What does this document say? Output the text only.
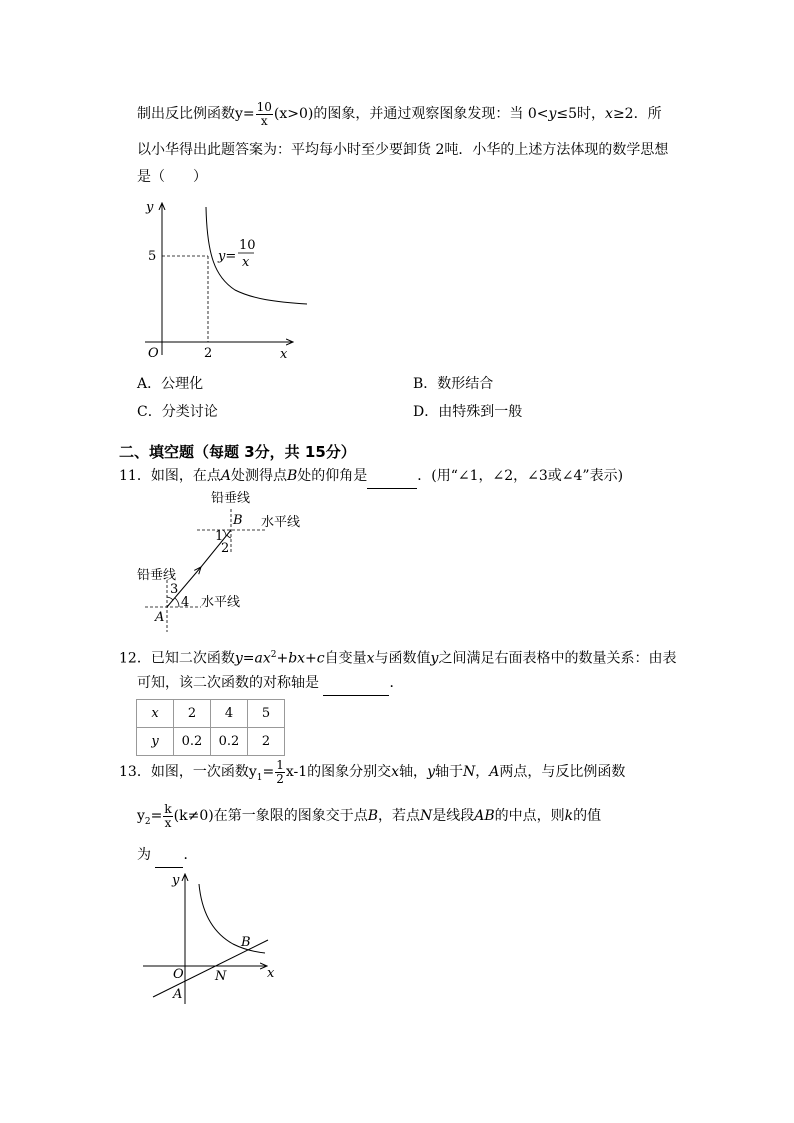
制出反比例函数$y= \frac{10}{x} (x>0)$的图象，并通过观察图象发现：当 0<y≤5时，x≥2．所
以小华得出此题答案为：平均每小时至少要卸货 2吨．小华的上述方法体现的数学思想
是（　　）
y
x
O
5
2
y=
10
x
A．公理化	B．数形结合
C．分类讨论	D．由特殊到一般
二、填空题（每题 3分，共 15分）
11．如图，在点A处测得点B处的仰角是	．(用“∠1，∠2，∠3或∠4”表示)
铅垂线
水平线
铅垂线
水平线
B
A
1
2
3
4
12．已知二次函数$y=ax^2+bx+c$自变量x与函数值y之间满足右面表格中的数量关系：由表
可知，该二次函数的对称轴是	．
x	2	4	5
y	0.2	0.2	2
13．如图，一次函数$y_1= \frac{1}{2} x-1$的图象分别交x轴，y轴于N，A两点，与反比例函数
$y_2= \frac{k}{x} (k\ne 0)$在第一象限的图象交于点B，若点N是线段AB的中点，则k的值
为 ．
y
x
O
B
N
A
